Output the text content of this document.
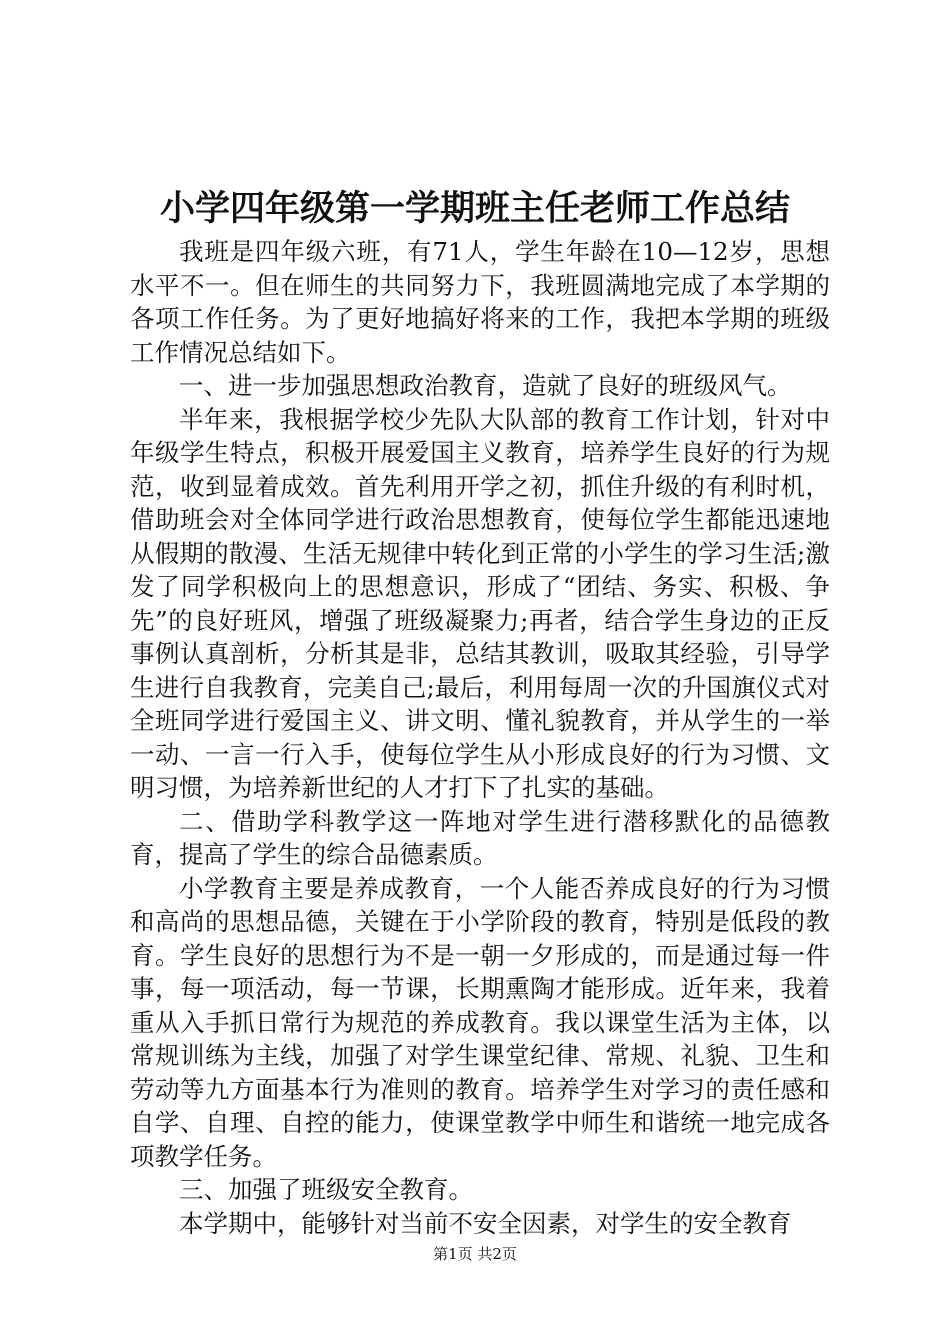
小学四年级第一学期班主任老师工作总结

我班是四年级六班，有71人，学生年龄在10—12岁，思想水平不一。但在师生的共同努力下，我班圆满地完成了本学期的各项工作任务。为了更好地搞好将来的工作，我把本学期的班级工作情况总结如下。

一、进一步加强思想政治教育，造就了良好的班级风气。

半年来，我根据学校少先队大队部的教育工作计划，针对中年级学生特点，积极开展爱国主义教育，培养学生良好的行为规范，收到显着成效。首先利用开学之初，抓住升级的有利时机，借助班会对全体同学进行政治思想教育，使每位学生都能迅速地从假期的散漫、生活无规律中转化到正常的小学生的学习生活;激发了同学积极向上的思想意识，形成了“团结、务实、积极、争先”的良好班风，增强了班级凝聚力;再者，结合学生身边的正反事例认真剖析，分析其是非，总结其教训，吸取其经验，引导学生进行自我教育，完美自己;最后，利用每周一次的升国旗仪式对全班同学进行爱国主义、讲文明、懂礼貌教育，并从学生的一举一动、一言一行入手，使每位学生从小形成良好的行为习惯、文明习惯，为培养新世纪的人才打下了扎实的基础。

二、借助学科教学这一阵地对学生进行潜移默化的品德教育，提高了学生的综合品德素质。

小学教育主要是养成教育，一个人能否养成良好的行为习惯和高尚的思想品德，关键在于小学阶段的教育，特别是低段的教育。学生良好的思想行为不是一朝一夕形成的，而是通过每一件事，每一项活动，每一节课，长期熏陶才能形成。近年来，我着重从入手抓日常行为规范的养成教育。我以课堂生活为主体，以常规训练为主线，加强了对学生课堂纪律、常规、礼貌、卫生和劳动等九方面基本行为准则的教育。培养学生对学习的责任感和自学、自理、自控的能力，使课堂教学中师生和谐统一地完成各项教学任务。

三、加强了班级安全教育。

本学期中，能够针对当前不安全因素，对学生的安全教育

第1页 共2页
